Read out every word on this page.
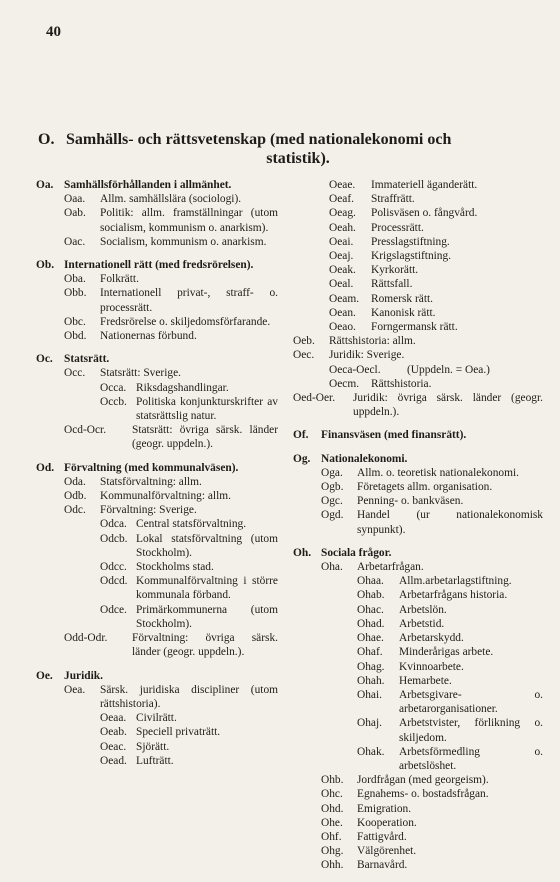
40
O. Samhälls- och rättsvetenskap (med nationalekonomi och
statistik).
Oa. Samhällsförhållanden i allmänhet.
Oaa.	Allm. samhällslära (sociologi).
Oab.	Politik: allm. framställningar (utom socialism, kommunism o. anarkism).
Oac.	Socialism, kommunism o. anarkism.
Ob. Internationell rätt (med fredsrörelsen).
Oba.	Folkrätt.
Obb.	Internationell privat-, straff- o. processrätt.
Obc.	Fredsrörelse o. skiljedomsförfarande.
Obd.	Nationernas förbund.
Oc. Statsrätt.
Occ.	Statsrätt: Sverige.
Occa. Riksdagshandlingar.
Occb. Politiska konjunkturskrifter av statsrättslig natur.
Ocd-Ocr.	Statsrätt: övriga särsk. länder (geogr. uppdeln.).
Od. Förvaltning (med kommunalväsen).
Oda.	Statsförvaltning: allm.
Odb.	Kommunalförvaltning: allm.
Odc.	Förvaltning: Sverige.
Odca. Central statsförvaltning.
Odcb. Lokal statsförvaltning (utom Stockholm).
Odcc. Stockholms stad.
Odcd. Kommunalförvaltning i större kommunala förband.
Odce. Primärkommunerna (utom Stockholm).
Odd-Odr.	Förvaltning: övriga särsk. länder (geogr. uppdeln.).
Oe. Juridik.
Oea.	Särsk. juridiska discipliner (utom rättshistoria).
Oeaa. Civilrätt.
Oeab. Speciell privaträtt.
Oeac. Sjörätt.
Oead. Lufträtt.
Oeae.	Immateriell äganderätt.
Oeaf.	Straffrätt.
Oeag.	Polisväsen o. fångvård.
Oeah.	Processrätt.
Oeai.	Presslagstiftning.
Oeaj.	Krigslagstiftning.
Oeak.	Kyrkorätt.
Oeal.	Rättsfall.
Oeam.	Romersk rätt.
Oean.	Kanonisk rätt.
Oeao.	Forngermansk rätt.
Oeb.	Rättshistoria: allm.
Oec.	Juridik: Sverige.
Oeca-Oecl.	(Uppdeln. = Oea.)
Oecm.	Rättshistoria.
Oed-Oer.	Juridik: övriga särsk. länder (geogr. uppdeln.).
Of.	Finansväsen (med finansrätt).
Og. Nationalekonomi.
Oga.	Allm. o. teoretisk nationalekonomi.
Ogb.	Företagets allm. organisation.
Ogc.	Penning- o. bankväsen.
Ogd.	Handel (ur nationalekonomisk synpunkt).
Oh. Sociala frågor.
Oha.	Arbetarfrågan.
Ohaa.	Allm.arbetarlagstiftning.
Ohab.	Arbetarfrågans historia.
Ohac.	Arbetslön.
Ohad.	Arbetstid.
Ohae.	Arbetarskydd.
Ohaf.	Minderårigas arbete.
Ohag.	Kvinnoarbete.
Ohah.	Hemarbete.
Ohai.	Arbetsgivare- o. arbetarorganisationer.
Ohaj.	Arbetstvister, förlikning o. skiljedom.
Ohak.	Arbetsförmedling o. arbetslöshet.
Ohb.	Jordfrågan (med georgeism).
Ohc.	Egnahems- o. bostadsfrågan.
Ohd.	Emigration.
Ohe.	Kooperation.
Ohf.	Fattigvård.
Ohg.	Välgörenhet.
Ohh.	Barnavård.
